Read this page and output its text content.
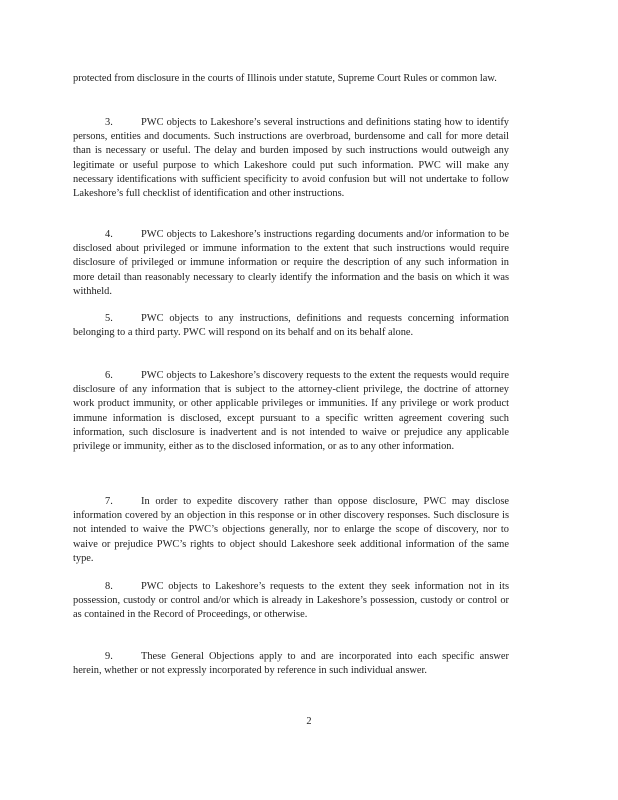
protected from disclosure in the courts of Illinois under statute, Supreme Court Rules or common law.

3.	PWC objects to Lakeshore’s several instructions and definitions stating how to identify persons, entities and documents. Such instructions are overbroad, burdensome and call for more detail than is necessary or useful. The delay and burden imposed by such instructions would outweigh any legitimate or useful purpose to which Lakeshore could put such information. PWC will make any necessary identifications with sufficient specificity to avoid confusion but will not undertake to follow Lakeshore’s full checklist of identification and other instructions.

4.	PWC objects to Lakeshore’s instructions regarding documents and/or information to be disclosed about privileged or immune information to the extent that such instructions would require disclosure of privileged or immune information or require the description of any such information in more detail than reasonably necessary to clearly identify the information and the basis on which it was withheld.

5.	PWC objects to any instructions, definitions and requests concerning information belonging to a third party. PWC will respond on its behalf and on its behalf alone.

6.	PWC objects to Lakeshore’s discovery requests to the extent the requests would require disclosure of any information that is subject to the attorney-client privilege, the doctrine of attorney work product immunity, or other applicable privileges or immunities. If any privilege or work product immune information is disclosed, except pursuant to a specific written agreement covering such information, such disclosure is inadvertent and is not intended to waive or prejudice any applicable privilege or immunity, either as to the disclosed information, or as to any other information.

7.	In order to expedite discovery rather than oppose disclosure, PWC may disclose information covered by an objection in this response or in other discovery responses. Such disclosure is not intended to waive the PWC’s objections generally, nor to enlarge the scope of discovery, nor to waive or prejudice PWC’s rights to object should Lakeshore seek additional information of the same type.

8.	PWC objects to Lakeshore’s requests to the extent they seek information not in its possession, custody or control and/or which is already in Lakeshore’s possession, custody or control or as contained in the Record of Proceedings, or otherwise.

9.	These General Objections apply to and are incorporated into each specific answer herein, whether or not expressly incorporated by reference in such individual answer.

2
